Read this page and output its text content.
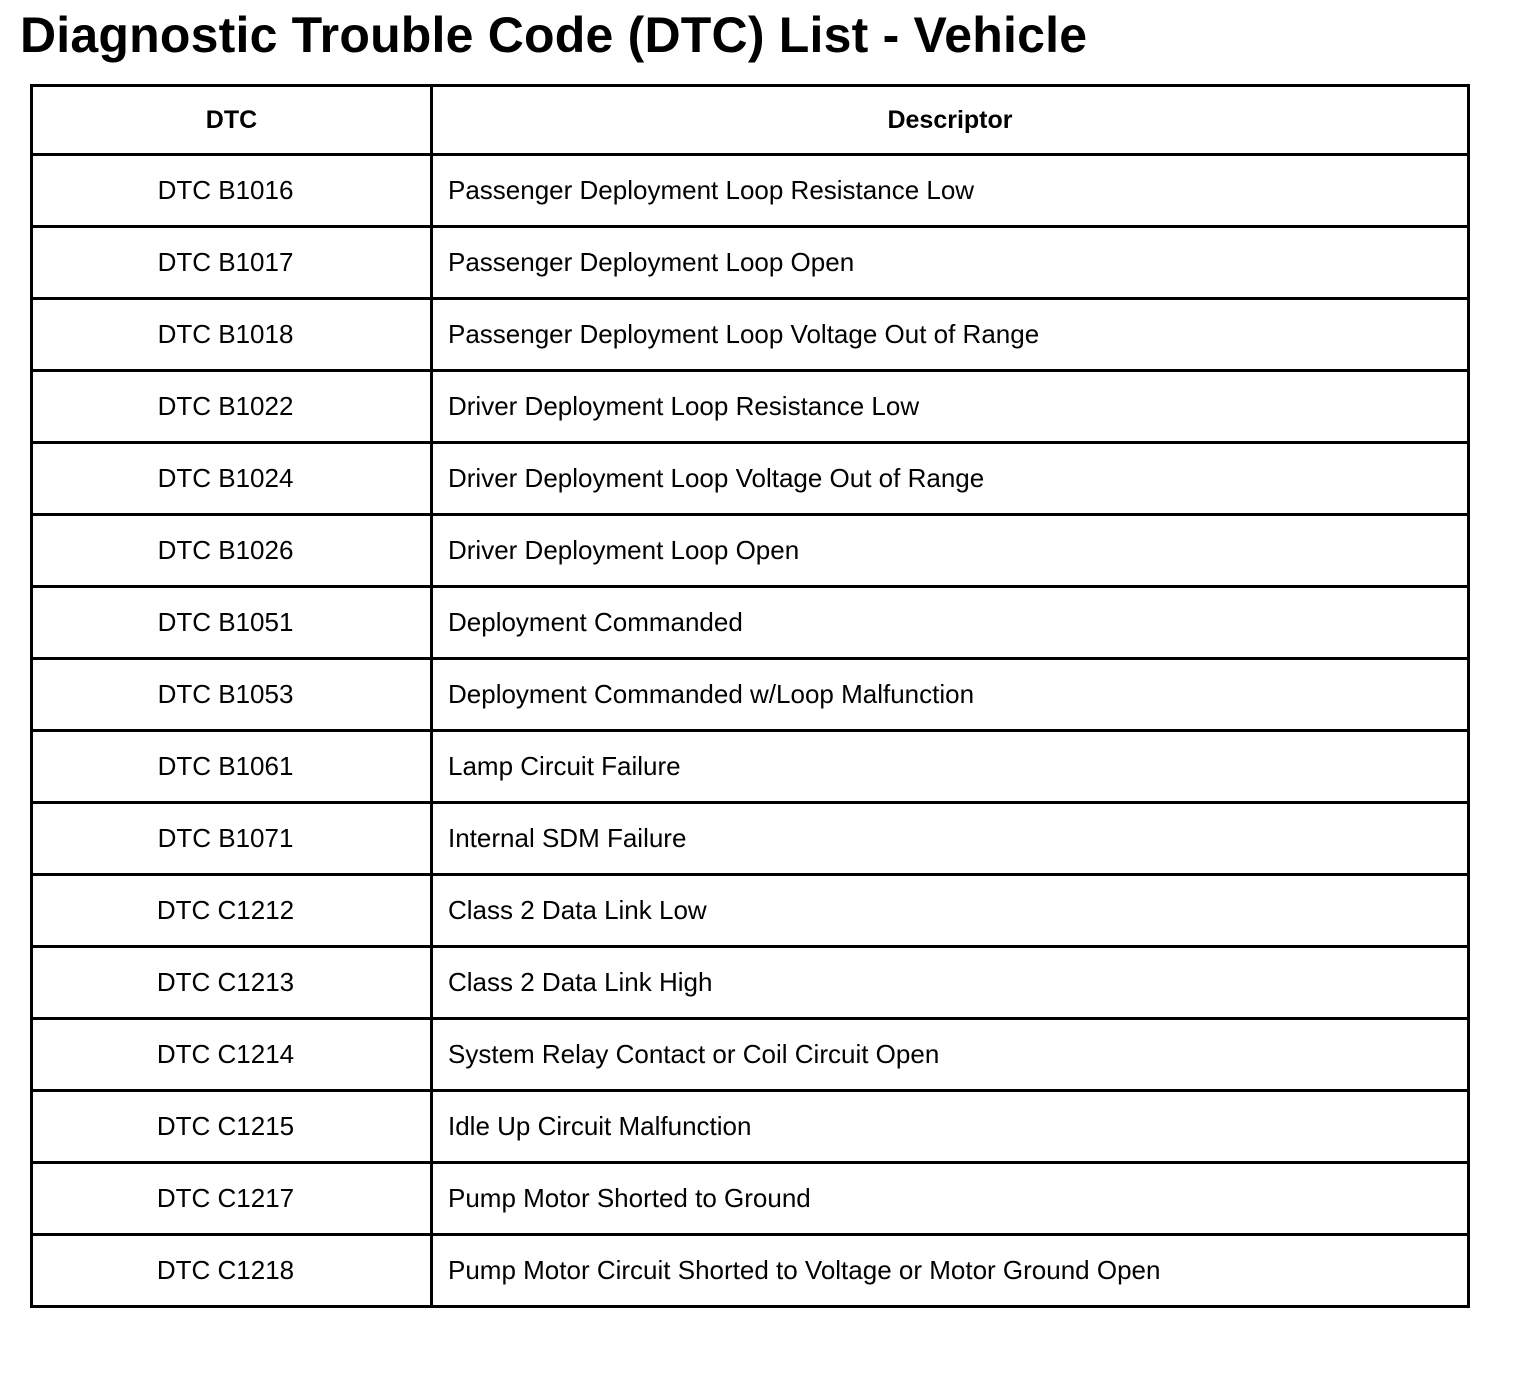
Diagnostic Trouble Code (DTC) List - Vehicle
DTC	Descriptor
DTC B1016	Passenger Deployment Loop Resistance Low
DTC B1017	Passenger Deployment Loop Open
DTC B1018	Passenger Deployment Loop Voltage Out of Range
DTC B1022	Driver Deployment Loop Resistance Low
DTC B1024	Driver Deployment Loop Voltage Out of Range
DTC B1026	Driver Deployment Loop Open
DTC B1051	Deployment Commanded
DTC B1053	Deployment Commanded w/Loop Malfunction
DTC B1061	Lamp Circuit Failure
DTC B1071	Internal SDM Failure
DTC C1212	Class 2 Data Link Low
DTC C1213	Class 2 Data Link High
DTC C1214	System Relay Contact or Coil Circuit Open
DTC C1215	Idle Up Circuit Malfunction
DTC C1217	Pump Motor Shorted to Ground
DTC C1218	Pump Motor Circuit Shorted to Voltage or Motor Ground Open
